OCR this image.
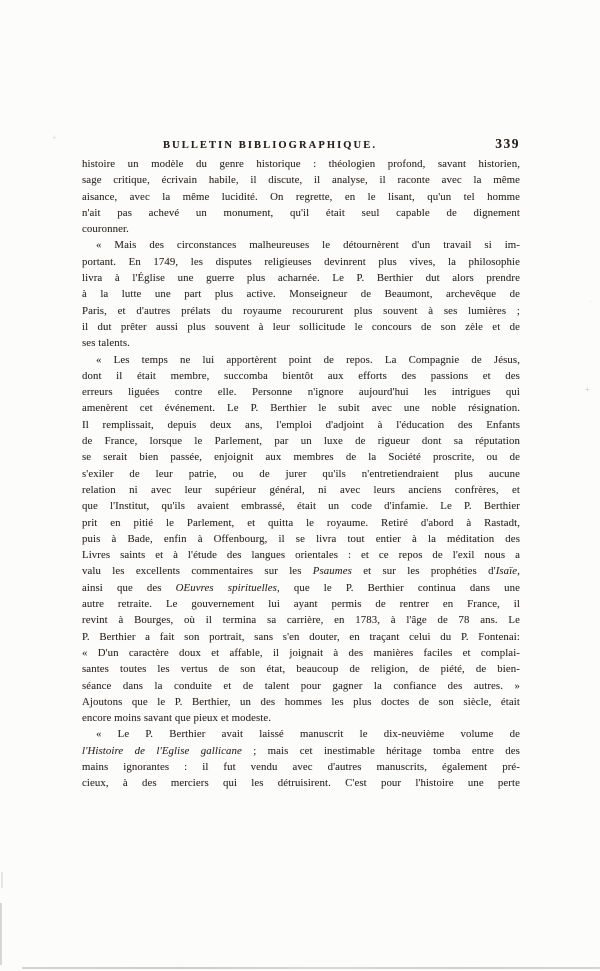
BULLETIN BIBLIOGRAPHIQUE.	339
histoire un modèle du genre historique : théologien profond, savant historien,
sage critique, écrivain habile, il discute, il analyse, il raconte avec la même
aisance, avec la même lucidité. On regrette, en le lisant, qu'un tel homme
n'ait pas achevé un monument, qu'il était seul capable de dignement
couronner.
« Mais des circonstances malheureuses le détournèrent d'un travail si im-
portant. En 1749, les disputes religieuses devinrent plus vives, la philosophie
livra à l'Église une guerre plus acharnée. Le P. Berthier dut alors prendre
à la lutte une part plus active. Monseigneur de Beaumont, archevêque de
Paris, et d'autres prélats du royaume recoururent plus souvent à ses lumières ;
il dut prêter aussi plus souvent à leur sollicitude le concours de son zèle et de
ses talents.
« Les temps ne lui apportèrent point de repos. La Compagnie de Jésus,
dont il était membre, succomba bientôt aux efforts des passions et des
erreurs liguées contre elle. Personne n'ignore aujourd'hui les intrigues qui
amenèrent cet événement. Le P. Berthier le subit avec une noble résignation.
Il remplissait, depuis deux ans, l'emploi d'adjoint à l'éducation des Enfants
de France, lorsque le Parlement, par un luxe de rigueur dont sa réputation
se serait bien passée, enjoignit aux membres de la Société proscrite, ou de
s'exiler de leur patrie, ou de jurer qu'ils n'entretiendraient plus aucune
relation ni avec leur supérieur général, ni avec leurs anciens confrères, et
que l'Institut, qu'ils avaient embrassé, était un code d'infamie. Le P. Berthier
prit en pitié le Parlement, et quitta le royaume. Retiré d'abord à Rastadt,
puis à Bade, enfin à Offenbourg, il se livra tout entier à la méditation des
Livres saints et à l'étude des langues orientales : et ce repos de l'exil nous a
valu les excellents commentaires sur les Psaumes et sur les prophéties d'Isaïe,
ainsi que des OEuvres spirituelles, que le P. Berthier continua dans une
autre retraite. Le gouvernement lui ayant permis de rentrer en France, il
revint à Bourges, où il termina sa carrière, en 1783, à l'âge de 78 ans. Le
P. Berthier a fait son portrait, sans s'en douter, en traçant celui du P. Fontenai:
« D'un caractère doux et affable, il joignait à des manières faciles et complai-
santes toutes les vertus de son état, beaucoup de religion, de piété, de bien-
séance dans la conduite et de talent pour gagner la confiance des autres. »
Ajoutons que le P. Berthier, un des hommes les plus doctes de son siècle, était
encore moins savant que pieux et modeste.
« Le P. Berthier avait laissé manuscrit le dix-neuvième volume de
l'Histoire de l'Eglise gallicane ; mais cet inestimable héritage tomba entre des
mains ignorantes : il fut vendu avec d'autres manuscrits, également pré-
cieux, à des merciers qui les détruisirent. C'est pour l'histoire une perte
+
+
.
